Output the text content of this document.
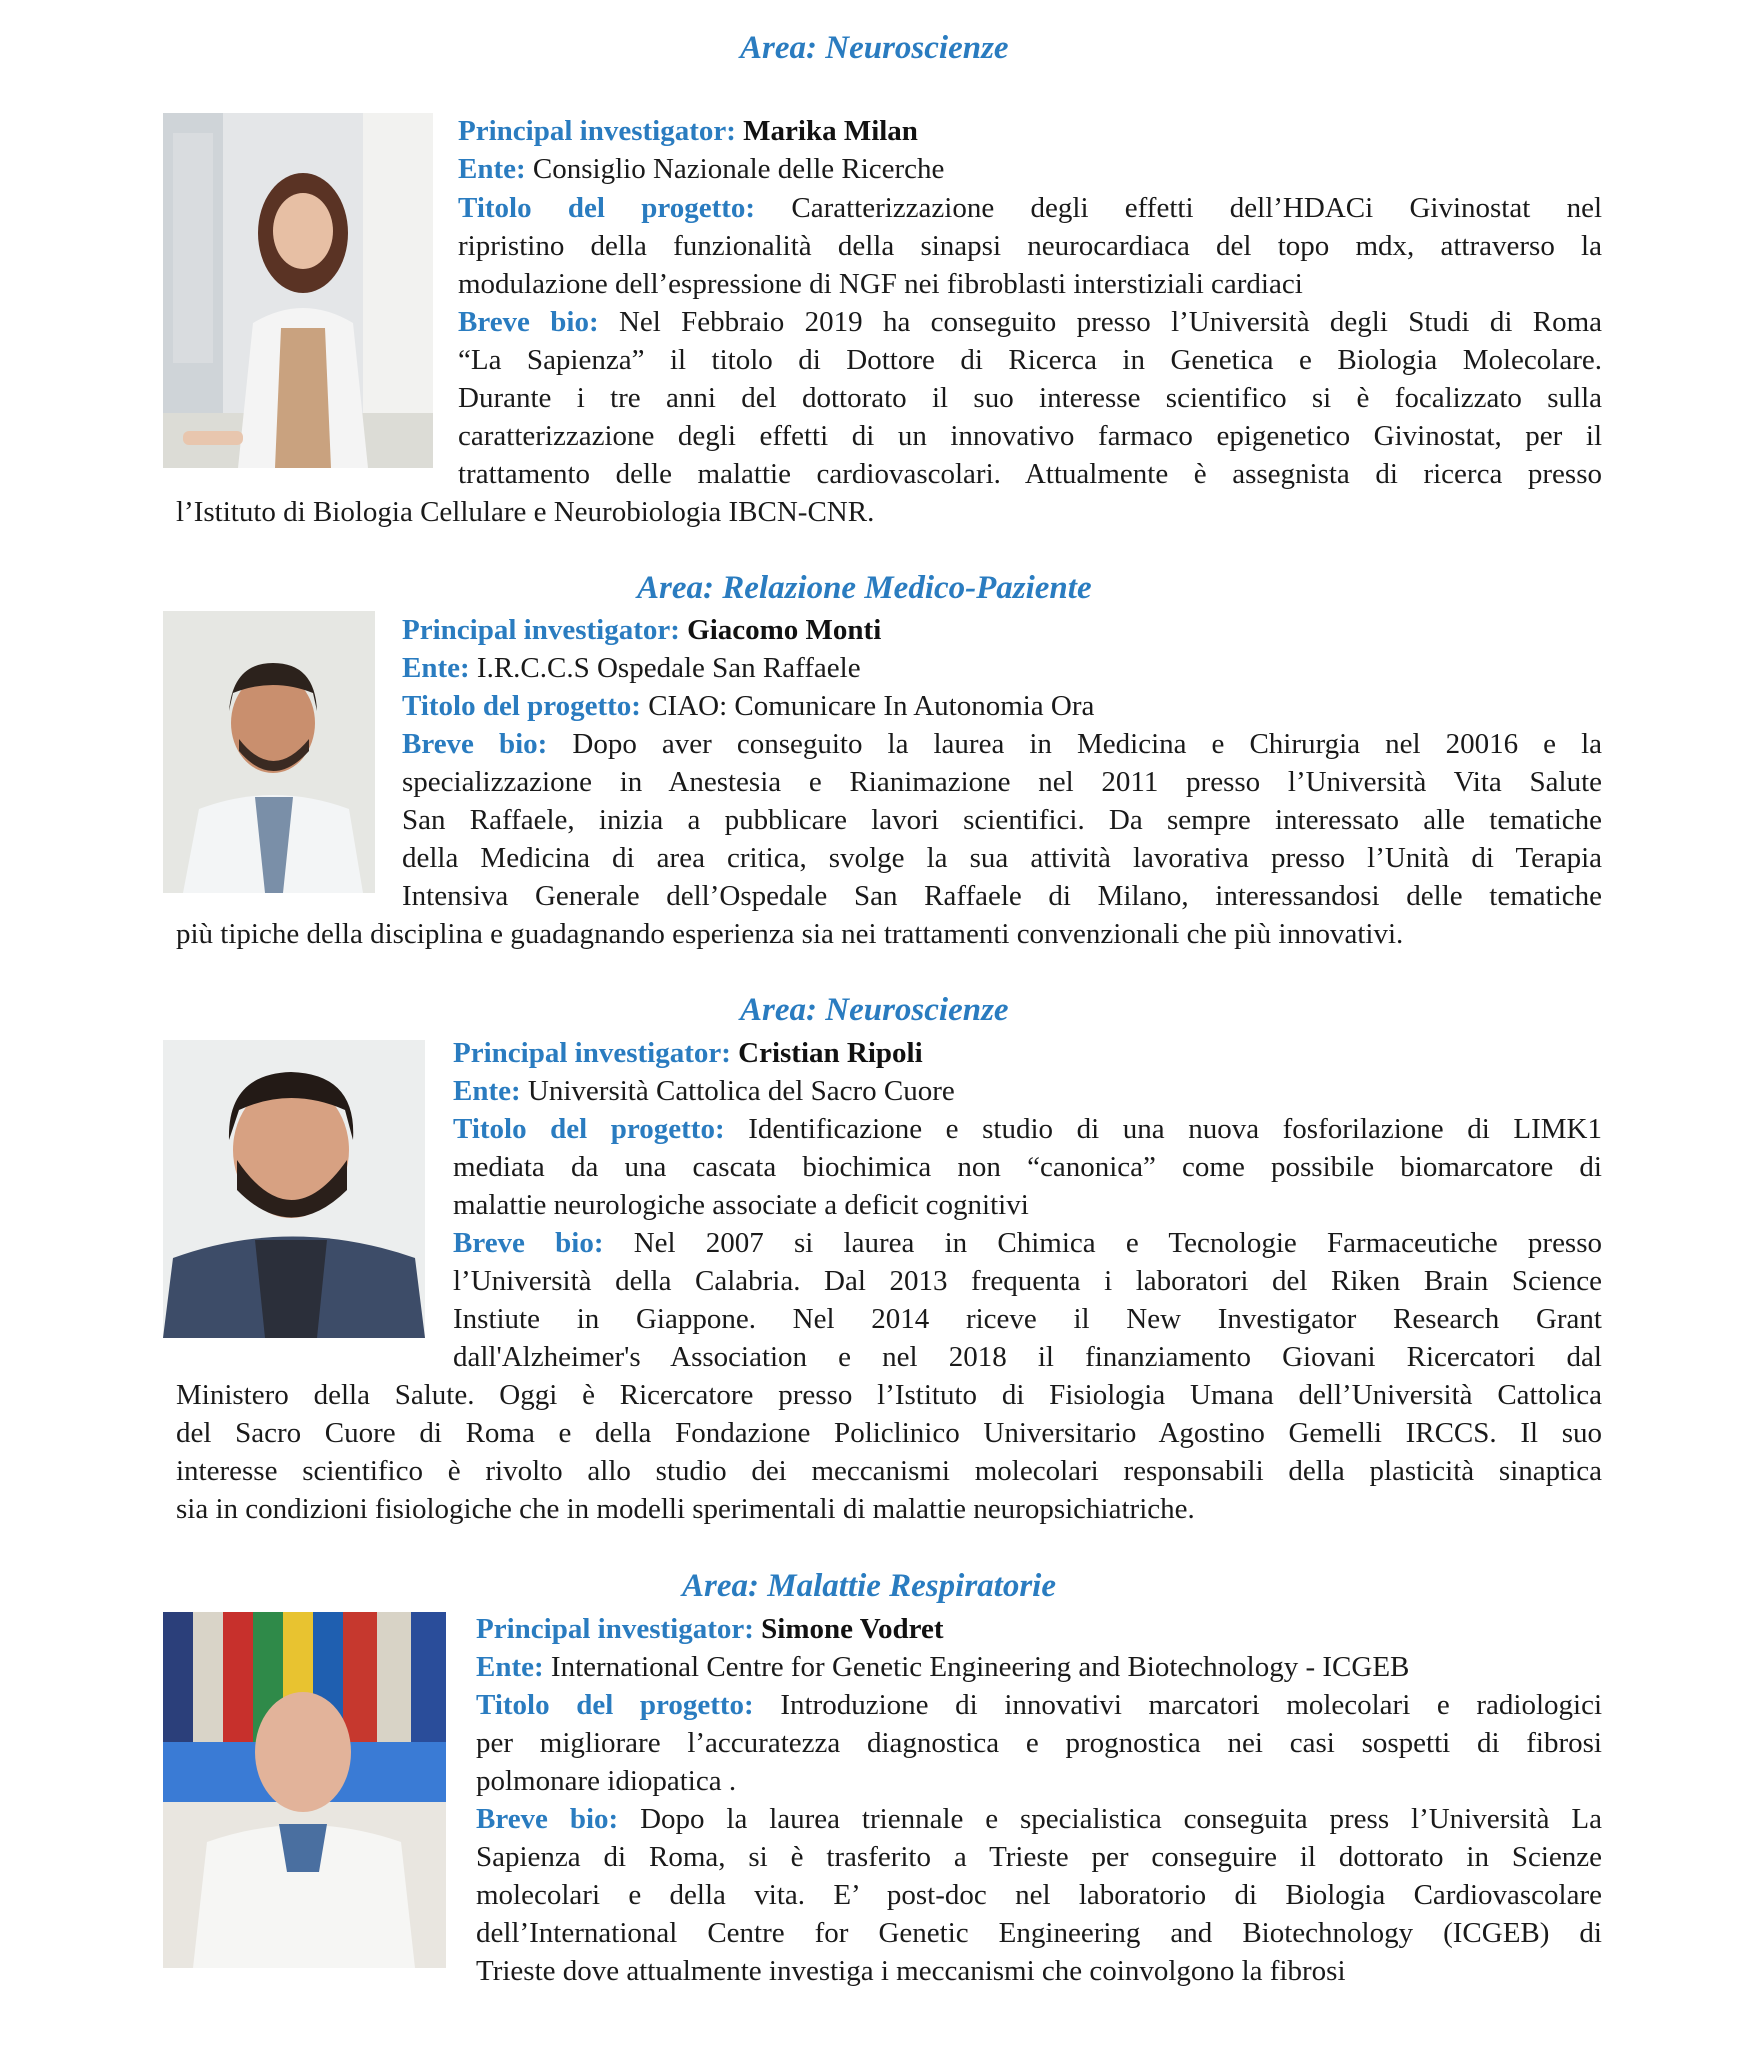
Area: Neuroscienze
Principal investigator: Marika Milan
Ente: Consiglio Nazionale delle Ricerche
Titolo del progetto: Caratterizzazione degli effetti dell’HDACi Givinostat nel
ripristino della funzionalità della sinapsi neurocardiaca del topo mdx, attraverso la
modulazione dell’espressione di NGF nei fibroblasti interstiziali cardiaci
Breve bio: Nel Febbraio 2019 ha conseguito presso l’Università degli Studi di Roma
“La Sapienza” il titolo di Dottore di Ricerca in Genetica e Biologia Molecolare.
Durante i tre anni del dottorato il suo interesse scientifico si è focalizzato sulla
caratterizzazione degli effetti di un innovativo farmaco epigenetico Givinostat, per il
trattamento delle malattie cardiovascolari. Attualmente è assegnista di ricerca presso
l’Istituto di Biologia Cellulare e Neurobiologia IBCN-CNR.
Area: Relazione Medico-Paziente
Principal investigator: Giacomo Monti
Ente: I.R.C.C.S Ospedale San Raffaele
Titolo del progetto: CIAO: Comunicare In Autonomia Ora
Breve bio: Dopo aver conseguito la laurea in Medicina e Chirurgia nel 20016 e la
specializzazione in Anestesia e Rianimazione nel 2011 presso l’Università Vita Salute
San Raffaele, inizia a pubblicare lavori scientifici. Da sempre interessato alle tematiche
della Medicina di area critica, svolge la sua attività lavorativa presso l’Unità di Terapia
Intensiva Generale dell’Ospedale San Raffaele di Milano, interessandosi delle tematiche
più tipiche della disciplina e guadagnando esperienza sia nei trattamenti convenzionali che più innovativi.
Area: Neuroscienze
Principal investigator: Cristian Ripoli
Ente: Università Cattolica del Sacro Cuore
Titolo del progetto: Identificazione e studio di una nuova fosforilazione di LIMK1
mediata da una cascata biochimica non “canonica” come possibile biomarcatore di
malattie neurologiche associate a deficit cognitivi
Breve bio: Nel 2007 si laurea in Chimica e Tecnologie Farmaceutiche presso
l’Università della Calabria. Dal 2013 frequenta i laboratori del Riken Brain Science
Instiute in Giappone. Nel 2014 riceve il New Investigator Research Grant
dall'Alzheimer's Association e nel 2018 il finanziamento Giovani Ricercatori dal
Ministero della Salute. Oggi è Ricercatore presso l’Istituto di Fisiologia Umana dell’Università Cattolica
del Sacro Cuore di Roma e della Fondazione Policlinico Universitario Agostino Gemelli IRCCS. Il suo
interesse scientifico è rivolto allo studio dei meccanismi molecolari responsabili della plasticità sinaptica
sia in condizioni fisiologiche che in modelli sperimentali di malattie neuropsichiatriche.
Area: Malattie Respiratorie
Principal investigator: Simone Vodret
Ente: International Centre for Genetic Engineering and Biotechnology - ICGEB
Titolo del progetto: Introduzione di innovativi marcatori molecolari e radiologici
per migliorare l’accuratezza diagnostica e prognostica nei casi sospetti di fibrosi
polmonare idiopatica .
Breve bio: Dopo la laurea triennale e specialistica conseguita press l’Università La
Sapienza di Roma, si è trasferito a Trieste per conseguire il dottorato in Scienze
molecolari e della vita. E’ post-doc nel laboratorio di Biologia Cardiovascolare
dell’International Centre for Genetic Engineering and Biotechnology (ICGEB) di
Trieste dove attualmente investiga i meccanismi che coinvolgono la fibrosi
